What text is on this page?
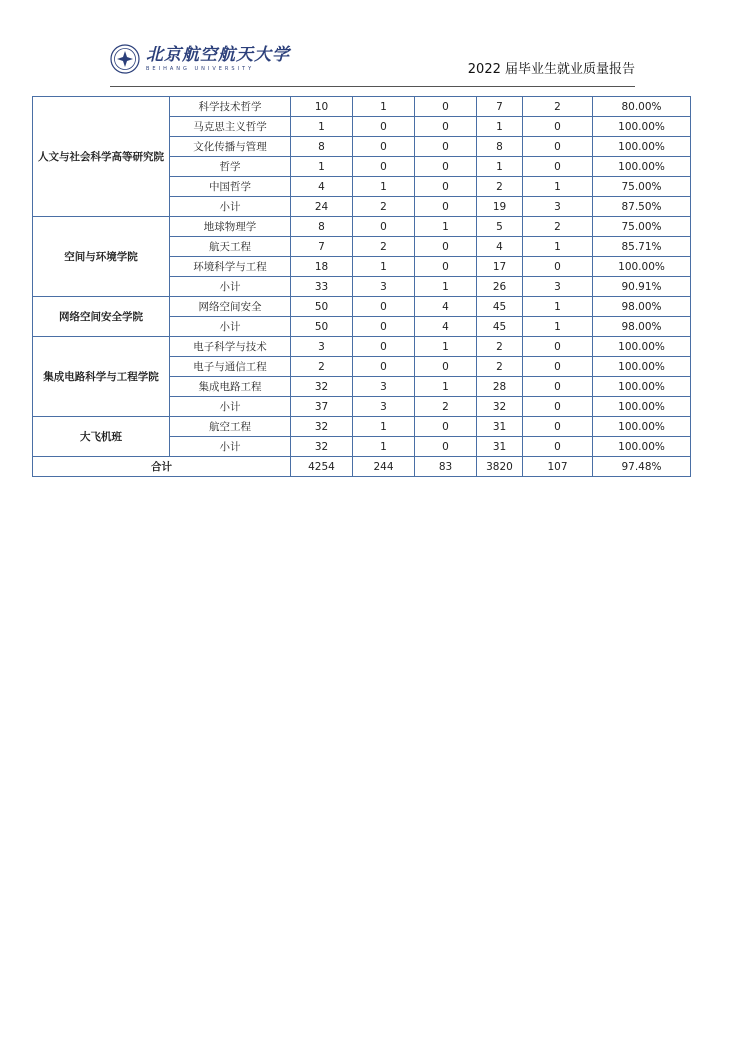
北京航空航天大学
BEIHANG UNIVERSITY	2022 届毕业生就业质量报告
人文与社会科学高等研究院	科学技术哲学	10	1	0	7	2	80.00%
	马克思主义哲学	1	0	0	1	0	100.00%
	文化传播与管理	8	0	0	8	0	100.00%
	哲学	1	0	0	1	0	100.00%
	中国哲学	4	1	0	2	1	75.00%
	小计	24	2	0	19	3	87.50%
空间与环境学院	地球物理学	8	0	1	5	2	75.00%
	航天工程	7	2	0	4	1	85.71%
	环境科学与工程	18	1	0	17	0	100.00%
	小计	33	3	1	26	3	90.91%
网络空间安全学院	网络空间安全	50	0	4	45	1	98.00%
	小计	50	0	4	45	1	98.00%
集成电路科学与工程学院	电子科学与技术	3	0	1	2	0	100.00%
	电子与通信工程	2	0	0	2	0	100.00%
	集成电路工程	32	3	1	28	0	100.00%
	小计	37	3	2	32	0	100.00%
大飞机班	航空工程	32	1	0	31	0	100.00%
	小计	32	1	0	31	0	100.00%
合计		4254	244	83	3820	107	97.48%
